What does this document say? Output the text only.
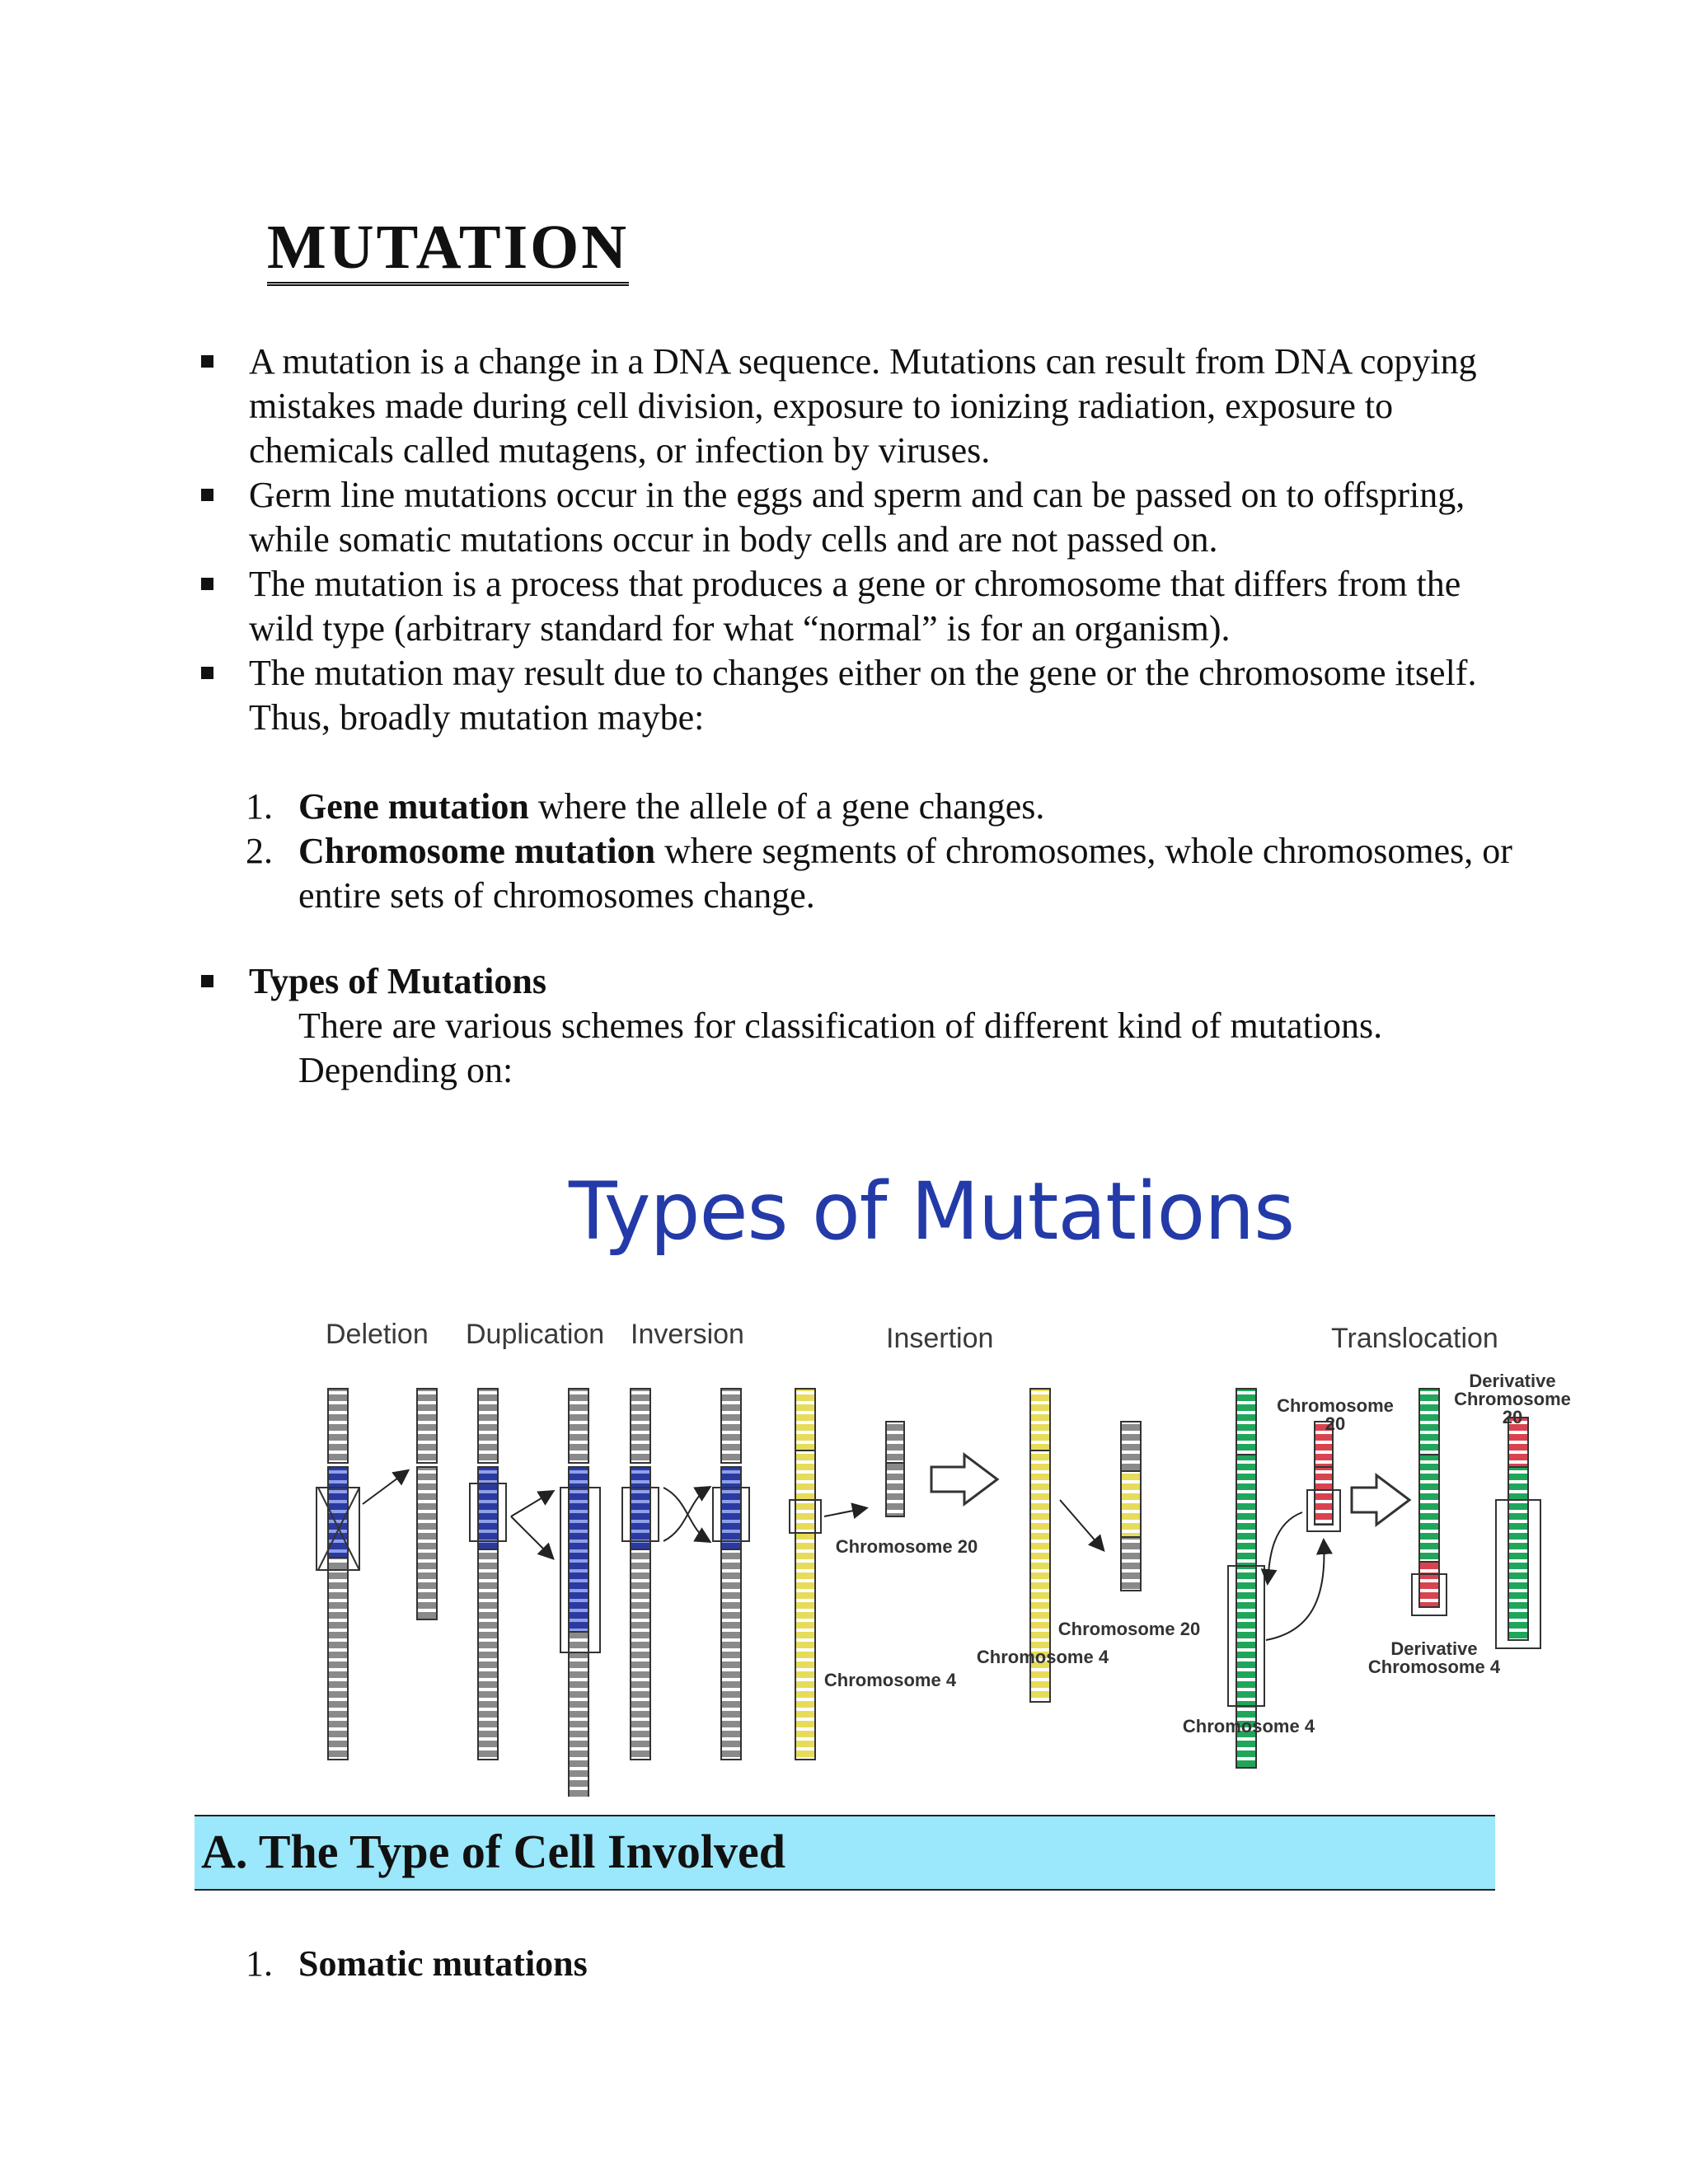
MUTATION
A mutation is a change in a DNA sequence. Mutations can result from DNA copying mistakes made during cell division, exposure to ionizing radiation, exposure to chemicals called mutagens, or infection by viruses.
Germ line mutations occur in the eggs and sperm and can be passed on to offspring, while somatic mutations occur in body cells and are not passed on.
The mutation is a process that produces a gene or chromosome that differs from the wild type (arbitrary standard for what “normal” is for an organism).
The mutation may result due to changes either on the gene or the chromosome itself. Thus, broadly mutation maybe:
1. Gene mutation where the allele of a gene changes.
2. Chromosome mutation where segments of chromosomes, whole chromosomes, or entire sets of chromosomes change.
Types of Mutations
There are various schemes for classification of different kind of mutations. Depending on:
Types of Mutations
Deletion Duplication Inversion	Insertion	Translocation
Chromosome 20
Chromosome 4
Chromosome 20
Chromosome 4
Chromosome 20
Chromosome 4
Derivative Chromosome 20
Derivative Chromosome 4
A. The Type of Cell Involved
1. Somatic mutations
